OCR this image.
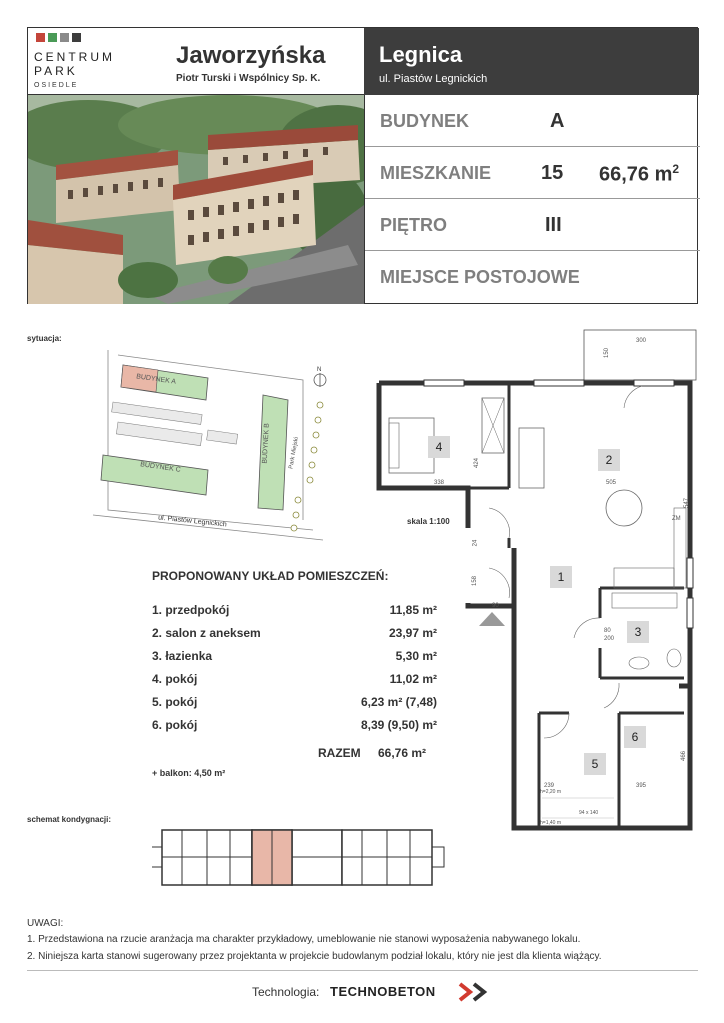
CENTRUM
PARK
OSIEDLE
Jaworzyńska
Piotr Turski i Wspólnicy Sp. K.
Legnica
ul. Piastów Legnickich
BUDYNEK	A
MIESZKANIE 15 66,76 $m^2$
PIĘTRO	III
MIEJSCE POSTOJOWE
sytuacja:
BUDYNEK A
BUDYNEK C
BUDYNEK B	Park Miejski
ul. Piastów Legnickich
N
PROPONOWANY UKŁAD POMIESZCZEŃ:
1. przedpokój	11,85 m²
2. salon z aneksem	23,97 m²
3. łazienka	5,30 m²
4. pokój	11,02 m²
5. pokój	6,23 m² (7,48)
6. pokój	8,39 (9,50) m²
RAZEM 66,76 m²
+ balkon: 4,50 m²
skala 1:100
4
2
1
3
5
6
300
150
338
424
505
547
239	395
466
80
200
90
24
158
h=2,20 m
h=1,40 m
94 x 140
ZM
schemat kondygnacji:
UWAGI:
1. Przedstawiona na rzucie aranżacja ma charakter przykładowy, umeblowanie nie stanowi wyposażenia nabywanego lokalu.
2. Niniejsza karta stanowi sugerowany przez projektanta w projekcie budowlanym podział lokalu, który nie jest dla klienta wiążący.
Technologia: TECHNOBETON
